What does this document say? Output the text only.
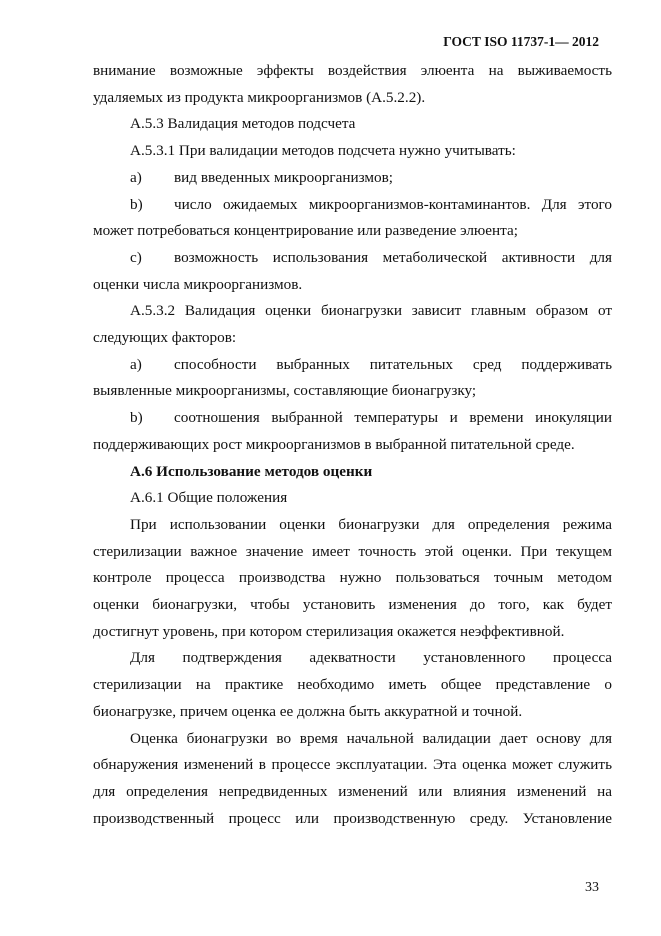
ГОСТ ISO 11737-1— 2012

внимание возможные эффекты воздействия элюента на выживаемость

удаляемых из продукта микроорганизмов (А.5.2.2).

А.5.3 Валидация методов подсчета

А.5.3.1 При валидации методов подсчета нужно учитывать:

а)	вид введенных микроорганизмов;
b)	число ожидаемых микроорганизмов-контаминантов. Для этого

может потребоваться концентрирование или разведение элюента;

c)	возможность использования метаболической активности для

оценки числа микроорганизмов.

А.5.3.2 Валидация оценки бионагрузки зависит главным образом от

следующих факторов:

а)	способности выбранных питательных сред поддерживать

выявленные микроорганизмы, составляющие бионагрузку;

b)	соотношения выбранной температуры и времени инокуляции

поддерживающих рост микроорганизмов в выбранной питательной среде.

А.6 Использование методов оценки

А.6.1 Общие положения

При использовании оценки бионагрузки для определения режима

стерилизации важное значение имеет точность этой оценки. При текущем

контроле процесса производства нужно пользоваться точным методом

оценки бионагрузки, чтобы установить изменения до того, как будет

достигнут уровень, при котором стерилизация окажется неэффективной.

Для подтверждения адекватности установленного процесса

стерилизации на практике необходимо иметь общее представление о

бионагрузке, причем оценка ее должна быть аккуратной и точной.

Оценка бионагрузки во время начальной валидации дает основу для

обнаружения изменений в процессе эксплуатации. Эта оценка может служить

для определения непредвиденных изменений или влияния изменений на

производственный процесс или производственную среду. Установление

33
